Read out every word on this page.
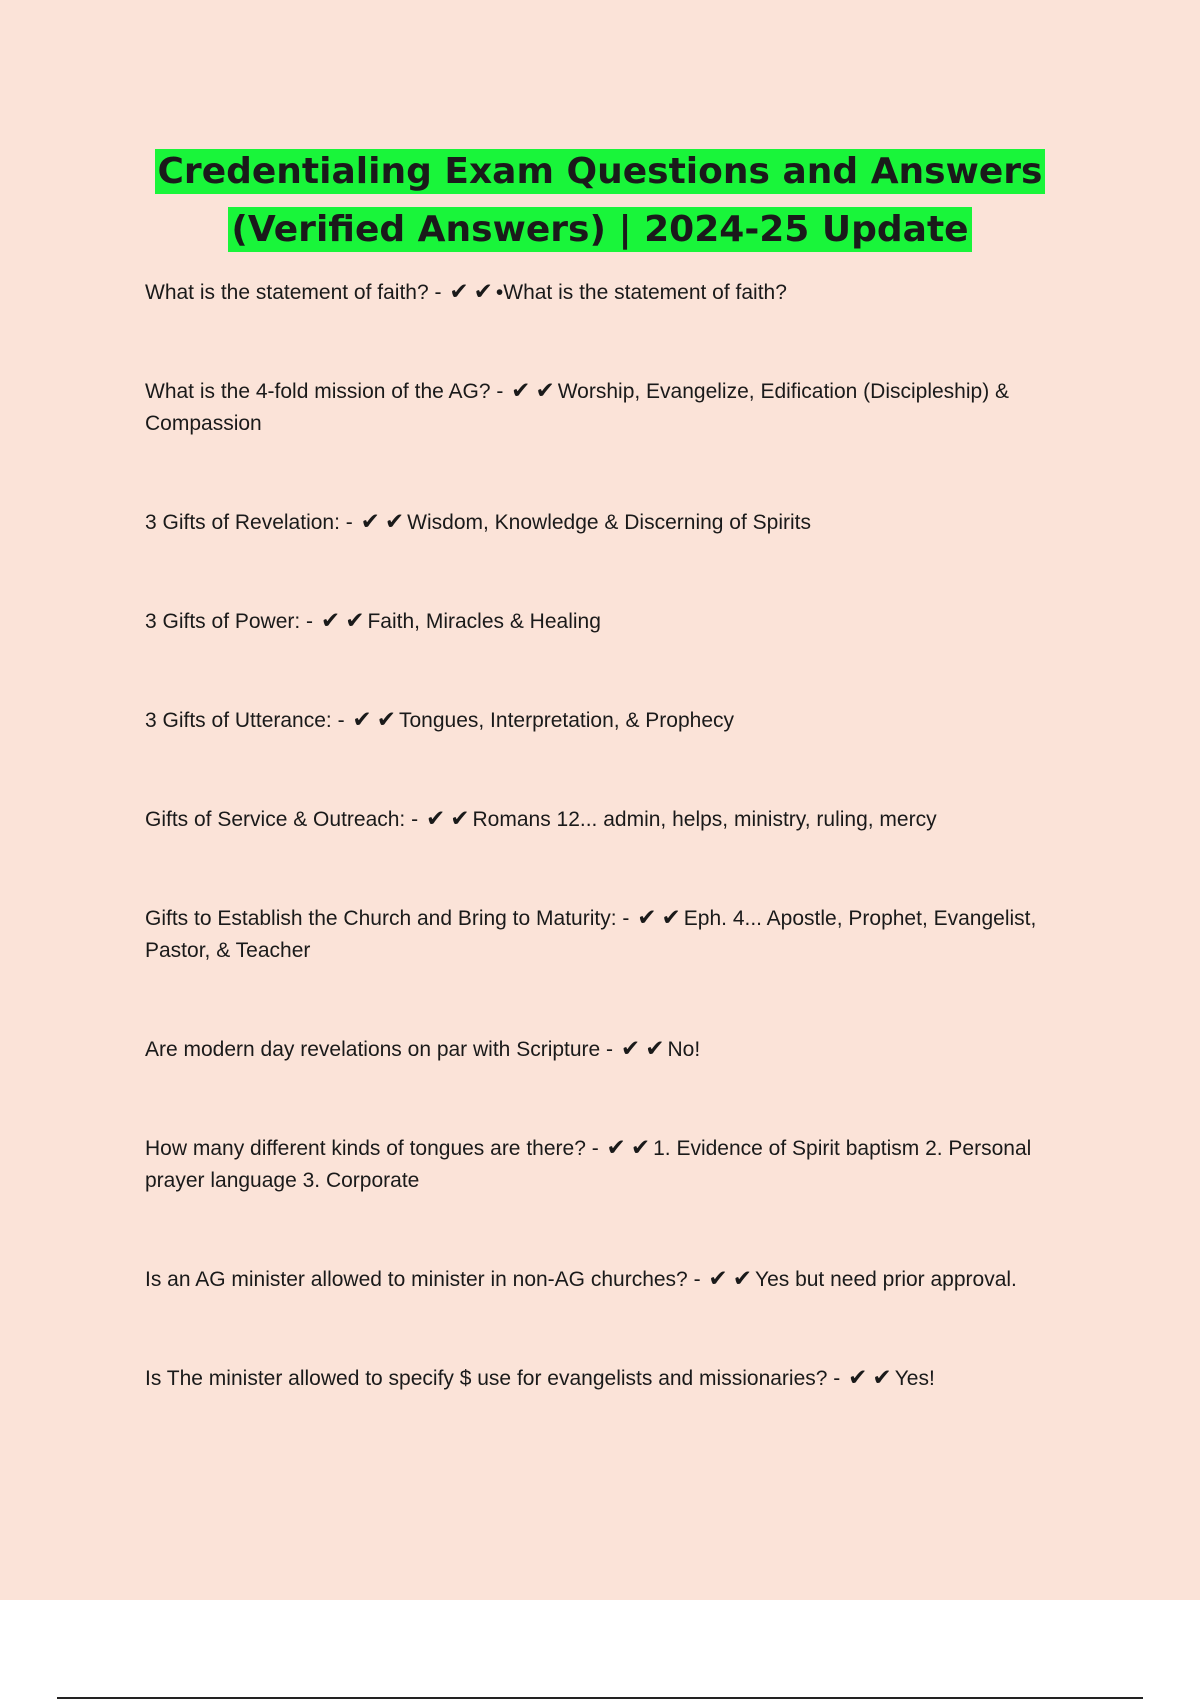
Credentialing Exam Questions and Answers
(Verified Answers) | 2024-25 Update
What is the statement of faith? - ✔ ✔ •What is the statement of faith?
What is the 4-fold mission of the AG? - ✔ ✔ Worship, Evangelize, Edification (Discipleship) & Compassion
3 Gifts of Revelation: - ✔ ✔ Wisdom, Knowledge & Discerning of Spirits
3 Gifts of Power: - ✔ ✔ Faith, Miracles & Healing
3 Gifts of Utterance: - ✔ ✔ Tongues, Interpretation, & Prophecy
Gifts of Service & Outreach: - ✔ ✔ Romans 12... admin, helps, ministry, ruling, mercy
Gifts to Establish the Church and Bring to Maturity: - ✔ ✔ Eph. 4... Apostle, Prophet, Evangelist, Pastor, & Teacher
Are modern day revelations on par with Scripture - ✔ ✔ No!
How many different kinds of tongues are there? - ✔ ✔ 1. Evidence of Spirit baptism 2. Personal prayer language 3. Corporate
Is an AG minister allowed to minister in non-AG churches? - ✔ ✔ Yes but need prior approval.
Is The minister allowed to specify $ use for evangelists and missionaries? - ✔ ✔ Yes!
